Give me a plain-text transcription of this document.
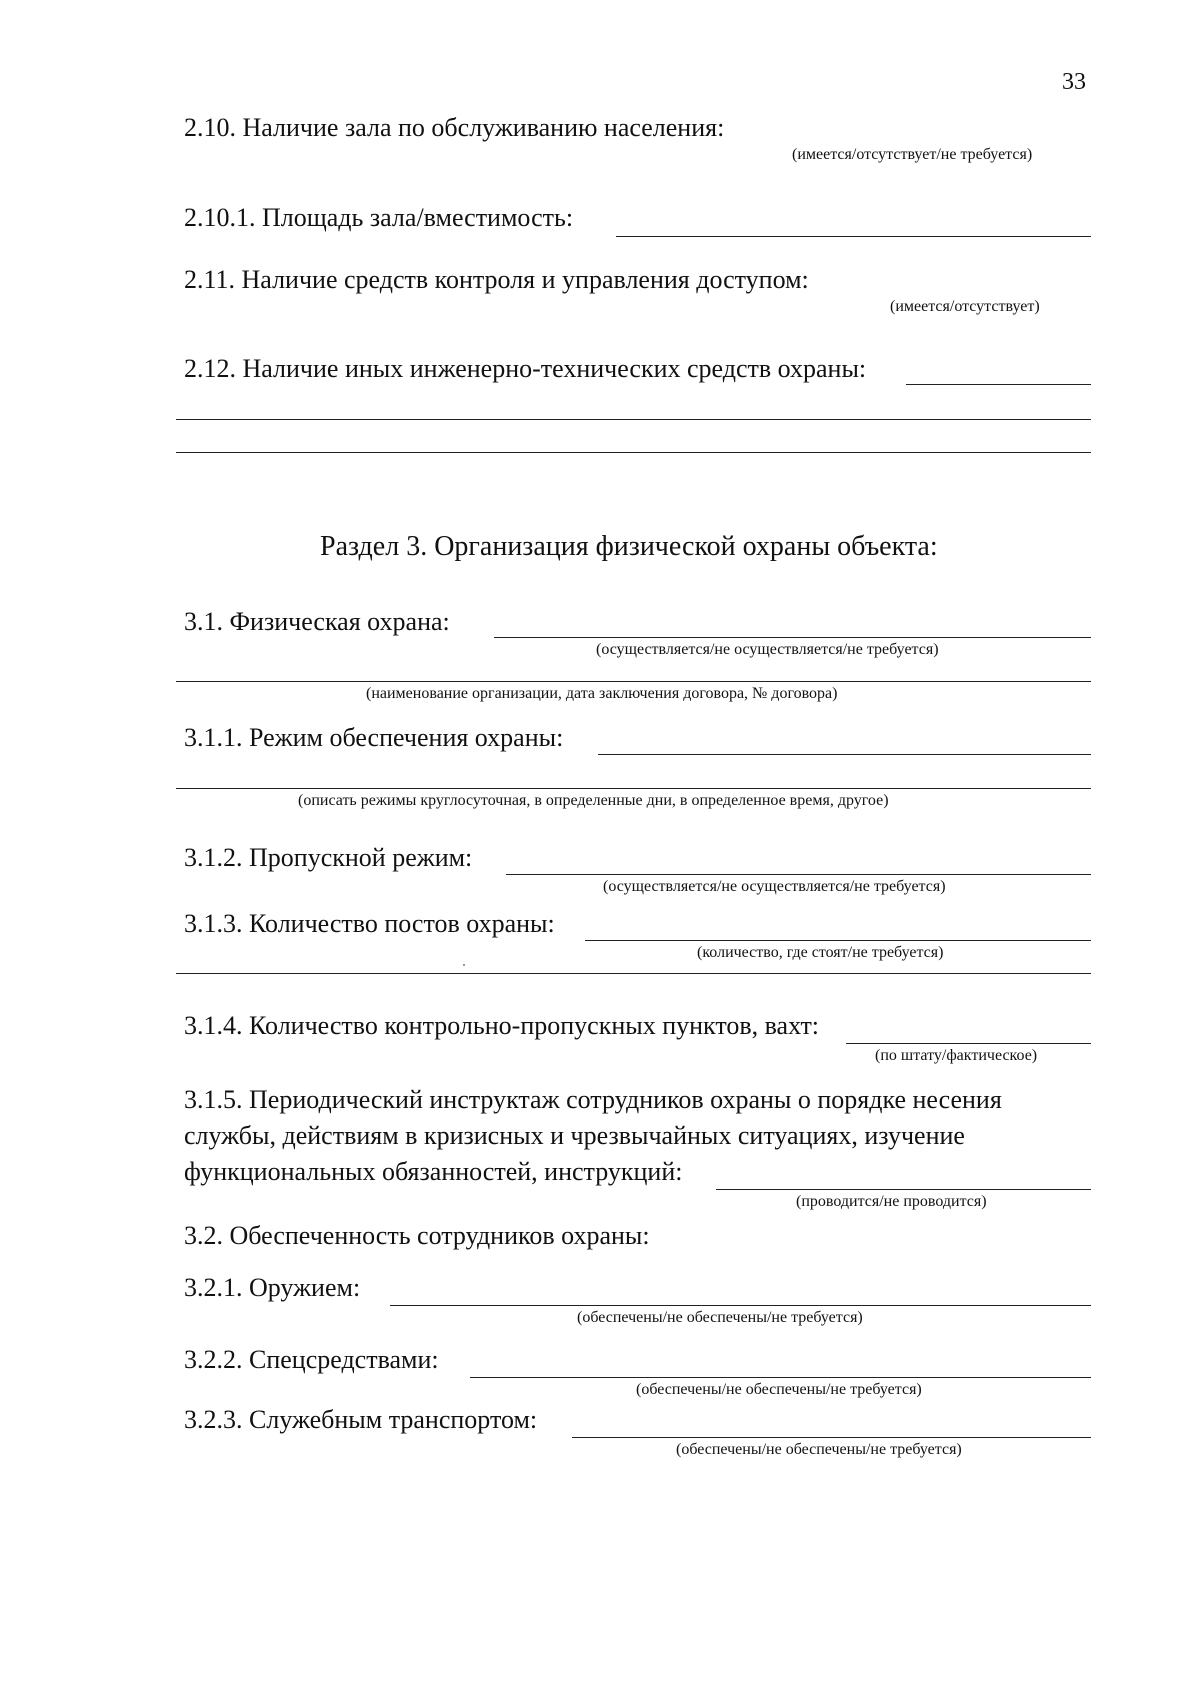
33
2.10. Наличие зала по обслуживанию населения:
(имеется/отсутствует/не требуется)
2.10.1. Площадь зала/вместимость:
2.11. Наличие средств контроля и управления доступом:
(имеется/отсутствует)
2.12. Наличие иных инженерно-технических средств охраны:
Раздел 3. Организация физической охраны объекта:
3.1. Физическая охрана:
(осуществляется/не осуществляется/не требуется)
(наименование организации, дата заключения договора, № договора)
3.1.1. Режим обеспечения охраны:
(описать режимы круглосуточная, в определенные дни, в определенное время, другое)
3.1.2. Пропускной режим:
(осуществляется/не осуществляется/не требуется)
3.1.3. Количество постов охраны:
(количество, где стоят/не требуется)
3.1.4. Количество контрольно-пропускных пунктов, вахт:
(по штату/фактическое)
3.1.5. Периодический инструктаж сотрудников охраны о порядке несения
службы, действиям в кризисных и чрезвычайных ситуациях, изучение
функциональных обязанностей, инструкций:
(проводится/не проводится)
3.2. Обеспеченность сотрудников охраны:
3.2.1. Оружием:
(обеспечены/не обеспечены/не требуется)
3.2.2. Спецсредствами:
(обеспечены/не обеспечены/не требуется)
3.2.3. Служебным транспортом:
(обеспечены/не обеспечены/не требуется)
